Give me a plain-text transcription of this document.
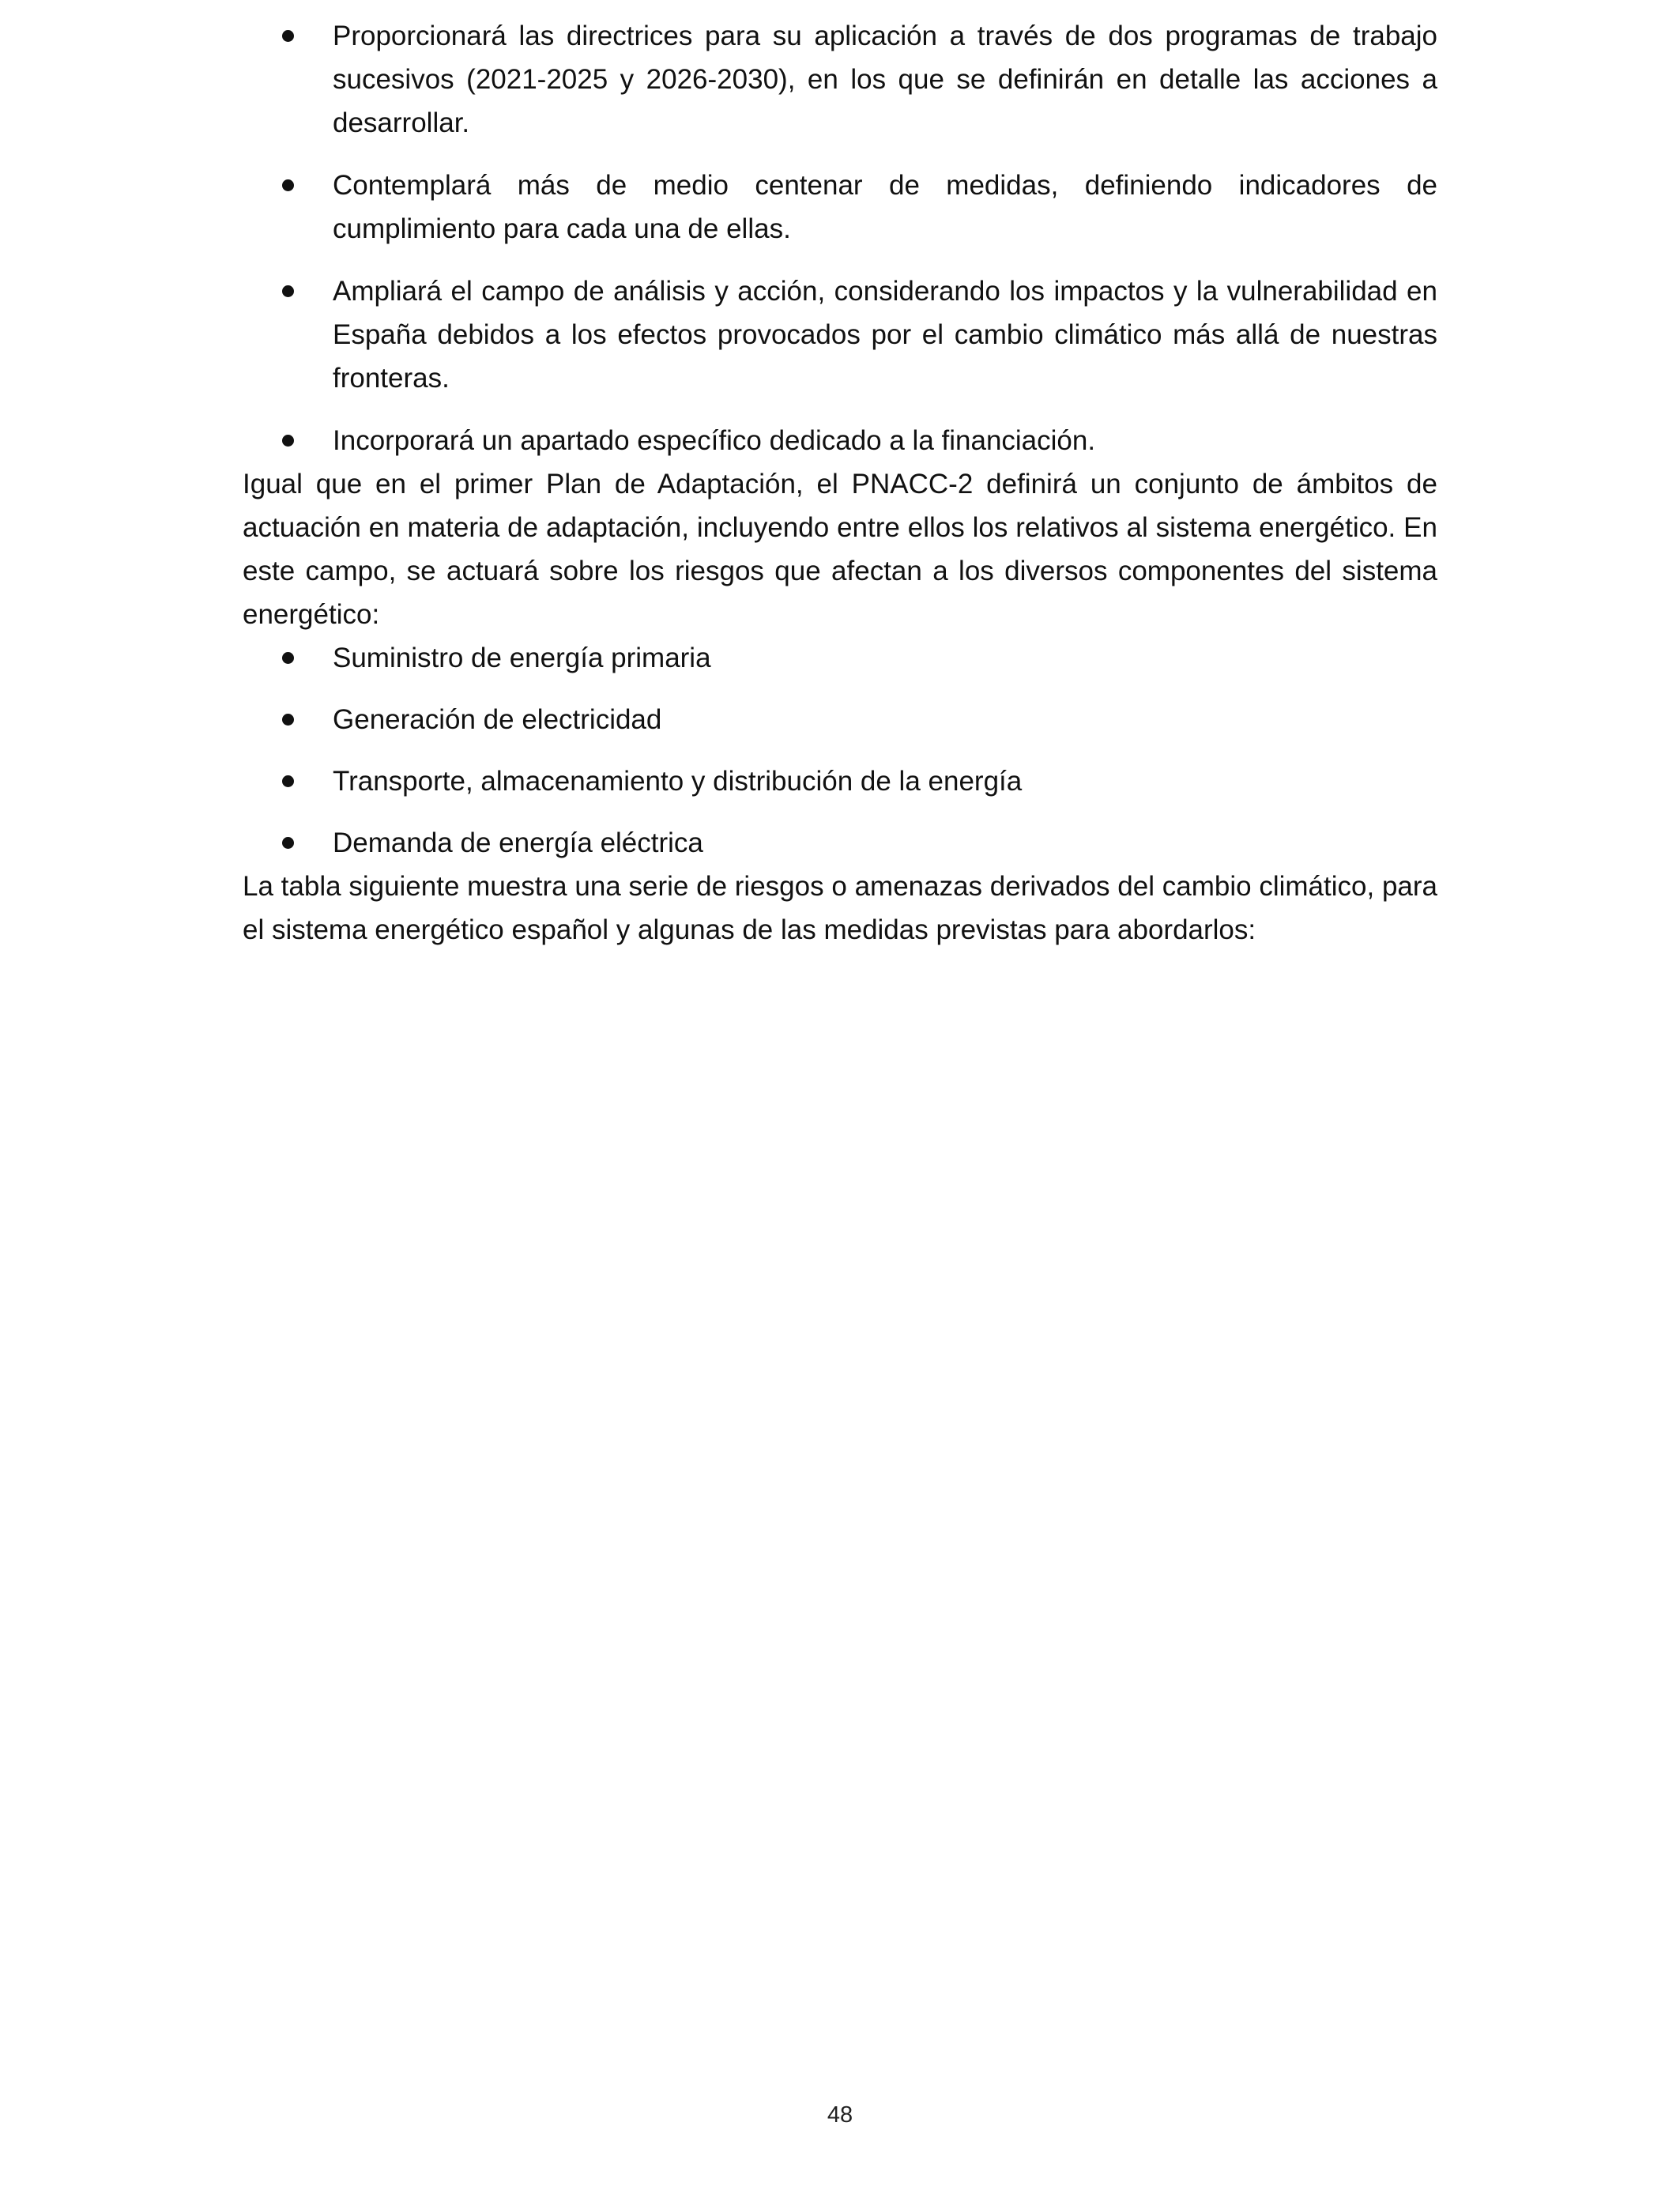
Proporcionará las directrices para su aplicación a través de dos programas de trabajo sucesivos (2021-2025 y 2026-2030), en los que se definirán en detalle las acciones a desarrollar.
Contemplará más de medio centenar de medidas, definiendo indicadores de cumplimiento para cada una de ellas.
Ampliará el campo de análisis y acción, considerando los impactos y la vulnerabilidad en España debidos a los efectos provocados por el cambio climático más allá de nuestras fronteras.
Incorporará un apartado específico dedicado a la financiación.

Igual que en el primer Plan de Adaptación, el PNACC-2 definirá un conjunto de ámbitos de actuación en materia de adaptación, incluyendo entre ellos los relativos al sistema energético. En este campo, se actuará sobre los riesgos que afectan a los diversos componentes del sistema energético:

Suministro de energía primaria
Generación de electricidad
Transporte, almacenamiento y distribución de la energía
Demanda de energía eléctrica

La tabla siguiente muestra una serie de riesgos o amenazas derivados del cambio climático, para el sistema energético español y algunas de las medidas previstas para abordarlos:

48
